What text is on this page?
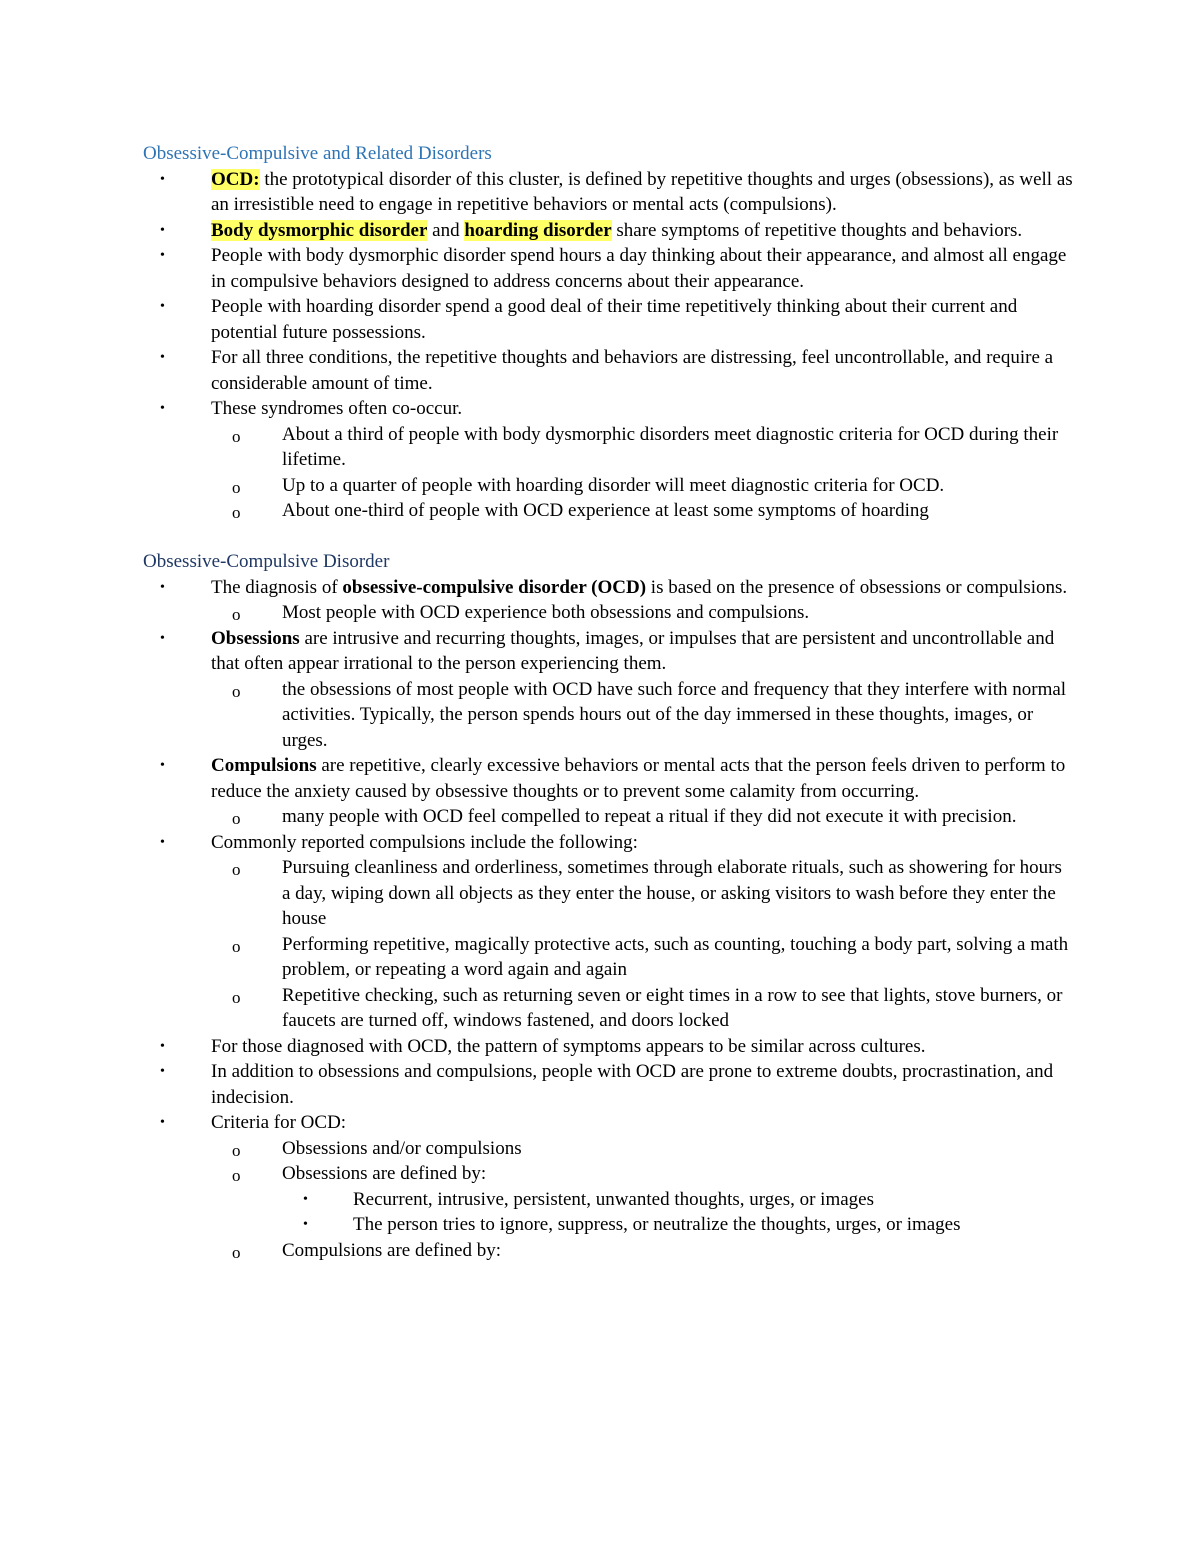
Obsessive-Compulsive and Related Disorders
• OCD: the prototypical disorder of this cluster, is defined by repetitive thoughts and urges (obsessions), as well as an irresistible need to engage in repetitive behaviors or mental acts (compulsions).
• Body dysmorphic disorder and hoarding disorder share symptoms of repetitive thoughts and behaviors.
• People with body dysmorphic disorder spend hours a day thinking about their appearance, and almost all engage in compulsive behaviors designed to address concerns about their appearance.
• People with hoarding disorder spend a good deal of their time repetitively thinking about their current and potential future possessions.
• For all three conditions, the repetitive thoughts and behaviors are distressing, feel uncontrollable, and require a considerable amount of time.
• These syndromes often co-occur.
o About a third of people with body dysmorphic disorders meet diagnostic criteria for OCD during their lifetime.
o Up to a quarter of people with hoarding disorder will meet diagnostic criteria for OCD.
o About one-third of people with OCD experience at least some symptoms of hoarding
Obsessive-Compulsive Disorder
• The diagnosis of obsessive-compulsive disorder (OCD) is based on the presence of obsessions or compulsions.
o Most people with OCD experience both obsessions and compulsions.
• Obsessions are intrusive and recurring thoughts, images, or impulses that are persistent and uncontrollable and that often appear irrational to the person experiencing them.
o the obsessions of most people with OCD have such force and frequency that they interfere with normal activities. Typically, the person spends hours out of the day immersed in these thoughts, images, or urges.
• Compulsions are repetitive, clearly excessive behaviors or mental acts that the person feels driven to perform to reduce the anxiety caused by obsessive thoughts or to prevent some calamity from occurring.
o many people with OCD feel compelled to repeat a ritual if they did not execute it with precision.
• Commonly reported compulsions include the following:
o Pursuing cleanliness and orderliness, sometimes through elaborate rituals, such as showering for hours a day, wiping down all objects as they enter the house, or asking visitors to wash before they enter the house
o Performing repetitive, magically protective acts, such as counting, touching a body part, solving a math problem, or repeating a word again and again
o Repetitive checking, such as returning seven or eight times in a row to see that lights, stove burners, or faucets are turned off, windows fastened, and doors locked
• For those diagnosed with OCD, the pattern of symptoms appears to be similar across cultures.
• In addition to obsessions and compulsions, people with OCD are prone to extreme doubts, procrastination, and indecision.
• Criteria for OCD:
o Obsessions and/or compulsions
o Obsessions are defined by:
• Recurrent, intrusive, persistent, unwanted thoughts, urges, or images
• The person tries to ignore, suppress, or neutralize the thoughts, urges, or images
o Compulsions are defined by:
